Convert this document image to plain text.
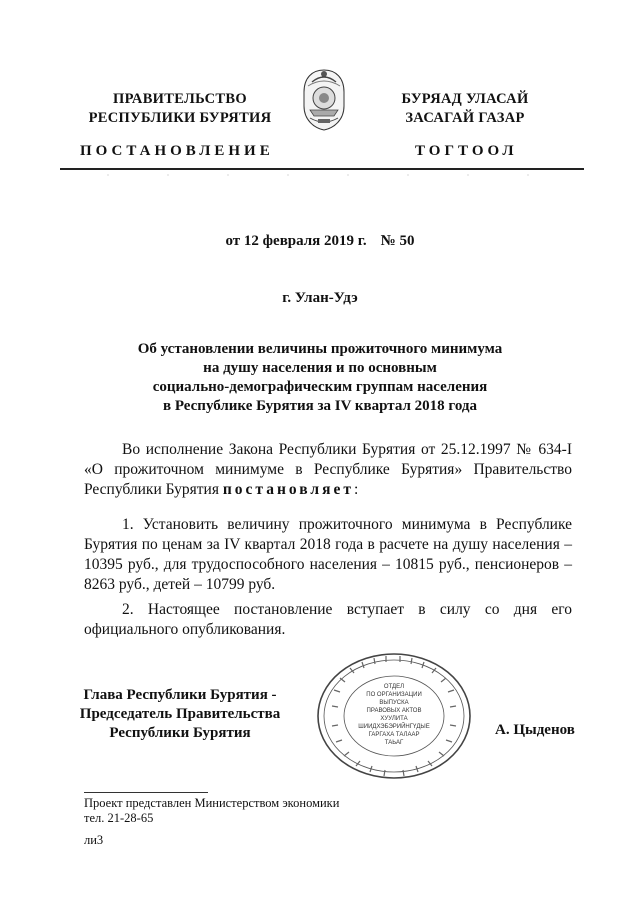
ПРАВИТЕЛЬСТВО
РЕСПУБЛИКИ БУРЯТИЯ
БУРЯАД УЛАСАЙ
ЗАСАГАЙ ГАЗАР
ПОСТАНОВЛЕНИЕ	ТОГТООЛ
от 12 февраля 2019 г. № 50
г. Улан-Удэ
Об установлении величины прожиточного минимума
на душу населения и по основным
социально-демографическим группам населения
в Республике Бурятия за IV квартал 2018 года
Во исполнение Закона Республики Бурятия от 25.12.1997 № 634-I «О прожиточном минимуме в Республике Бурятия» Правительство Республики Бурятия постановляет:
1. Установить величину прожиточного минимума в Республике Бурятия по ценам за IV квартал 2018 года в расчете на душу населения – 10395 руб., для трудоспособного населения – 10815 руб., пенсионеров – 8263 руб., детей – 10799 руб.
2. Настоящее постановление вступает в силу со дня его официального опубликования.
Глава Республики Бурятия -
Председатель Правительства
Республики Бурятия
ОТДЕЛ
ПО ОРГАНИЗАЦИИ
ВЫПУСКА
ПРАВОВЫХ АКТОВ
ХУУЛИТА
ШИИДХЭБЭРИЙНГҮДЫЕ
ГАРГАХА ТАЛААР
ТАЬАГ
А. Цыденов
Проект представлен Министерством экономики
тел. 21-28-65
ли3
